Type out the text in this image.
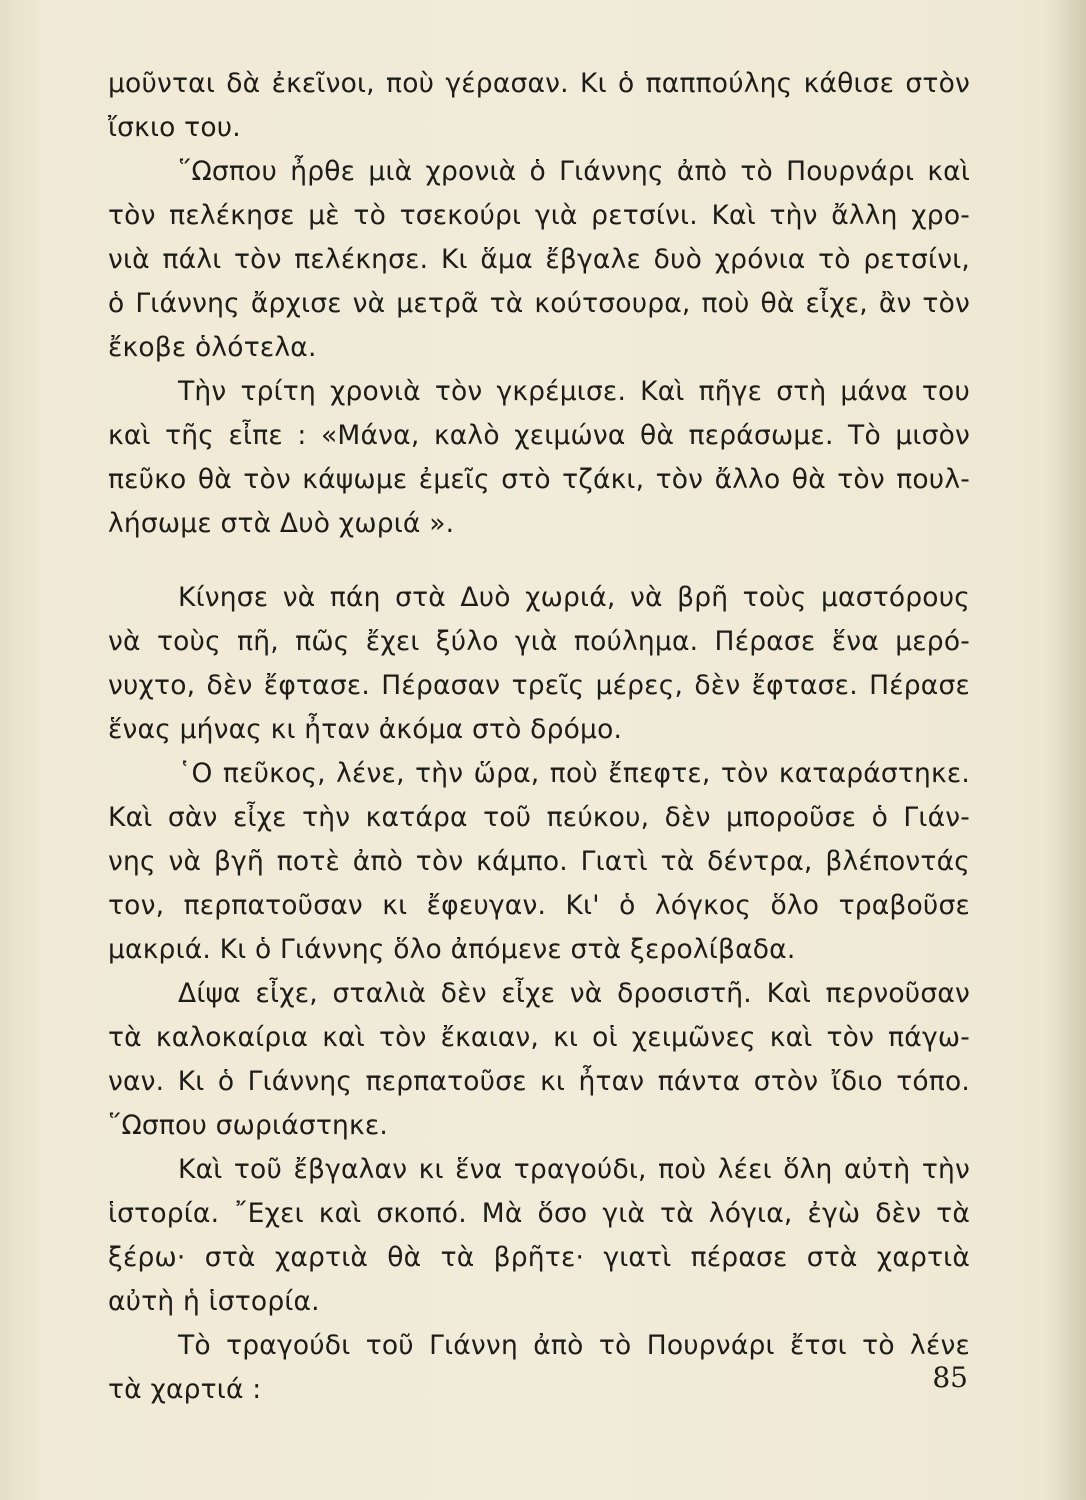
μοῦνται δὰ ἐκεῖνοι, ποὺ γέρασαν. Κι ὁ παππούλης κάθισε στὸν
ἴσκιο του.
῞Ωσπου ἦρθε μιὰ χρονιὰ ὁ Γιάννης ἀπὸ τὸ Πουρνάρι καὶ
τὸν πελέκησε μὲ τὸ τσεκούρι γιὰ ρετσίνι. Καὶ τὴν ἄλλη χρο-
νιὰ πάλι τὸν πελέκησε. Κι ἅμα ἔβγαλε δυὸ χρόνια τὸ ρετσίνι,
ὁ Γιάννης ἄρχισε νὰ μετρᾶ τὰ κούτσουρα, ποὺ θὰ εἶχε, ἂν τὸν
ἔκοβε ὁλότελα.
Τὴν τρίτη χρονιὰ τὸν γκρέμισε. Καὶ πῆγε στὴ μάνα του
καὶ τῆς εἶπε : «Μάνα, καλὸ χειμώνα θὰ περάσωμε. Τὸ μισὸν
πεῦκο θὰ τὸν κάψωμε ἐμεῖς στὸ τζάκι, τὸν ἄλλο θὰ τὸν πουλ-
λήσωμε στὰ Δυὸ χωριά ».
Κίνησε νὰ πάη στὰ Δυὸ χωριά, νὰ βρῆ τοὺς μαστόρους
νὰ τοὺς πῆ, πῶς ἔχει ξύλο γιὰ πούλημα. Πέρασε ἕνα μερό-
νυχτο, δὲν ἔφτασε. Πέρασαν τρεῖς μέρες, δὲν ἔφτασε. Πέρασε
ἕνας μήνας κι ἦταν ἀκόμα στὸ δρόμο.
῾Ο πεῦκος, λένε, τὴν ὥρα, ποὺ ἔπεφτε, τὸν καταράστηκε.
Καὶ σὰν εἶχε τὴν κατάρα τοῦ πεύκου, δὲν μποροῦσε ὁ Γιάν-
νης νὰ βγῆ ποτὲ ἀπὸ τὸν κάμπο. Γιατὶ τὰ δέντρα, βλέποντάς
τον, περπατοῦσαν κι ἔφευγαν. Κι' ὁ λόγκος ὅλο τραβοῦσε
μακριά. Κι ὁ Γιάννης ὅλο ἀπόμενε στὰ ξερολίβαδα.
Δίψα εἶχε, σταλιὰ δὲν εἶχε νὰ δροσιστῆ. Καὶ περνοῦσαν
τὰ καλοκαίρια καὶ τὸν ἔκαιαν, κι οἱ χειμῶνες καὶ τὸν πάγω-
ναν. Κι ὁ Γιάννης περπατοῦσε κι ἦταν πάντα στὸν ἴδιο τόπο.
῞Ωσπου σωριάστηκε.
Καὶ τοῦ ἔβγαλαν κι ἕνα τραγούδι, ποὺ λέει ὅλη αὐτὴ τὴν
ἱστορία. ῎Εχει καὶ σκοπό. Μὰ ὅσο γιὰ τὰ λόγια, ἐγὼ δὲν τὰ
ξέρω· στὰ χαρτιὰ θὰ τὰ βρῆτε· γιατὶ πέρασε στὰ χαρτιὰ
αὐτὴ ἡ ἱστορία.
Τὸ τραγούδι τοῦ Γιάννη ἀπὸ τὸ Πουρνάρι ἔτσι τὸ λένε
τὰ χαρτιά :	85
